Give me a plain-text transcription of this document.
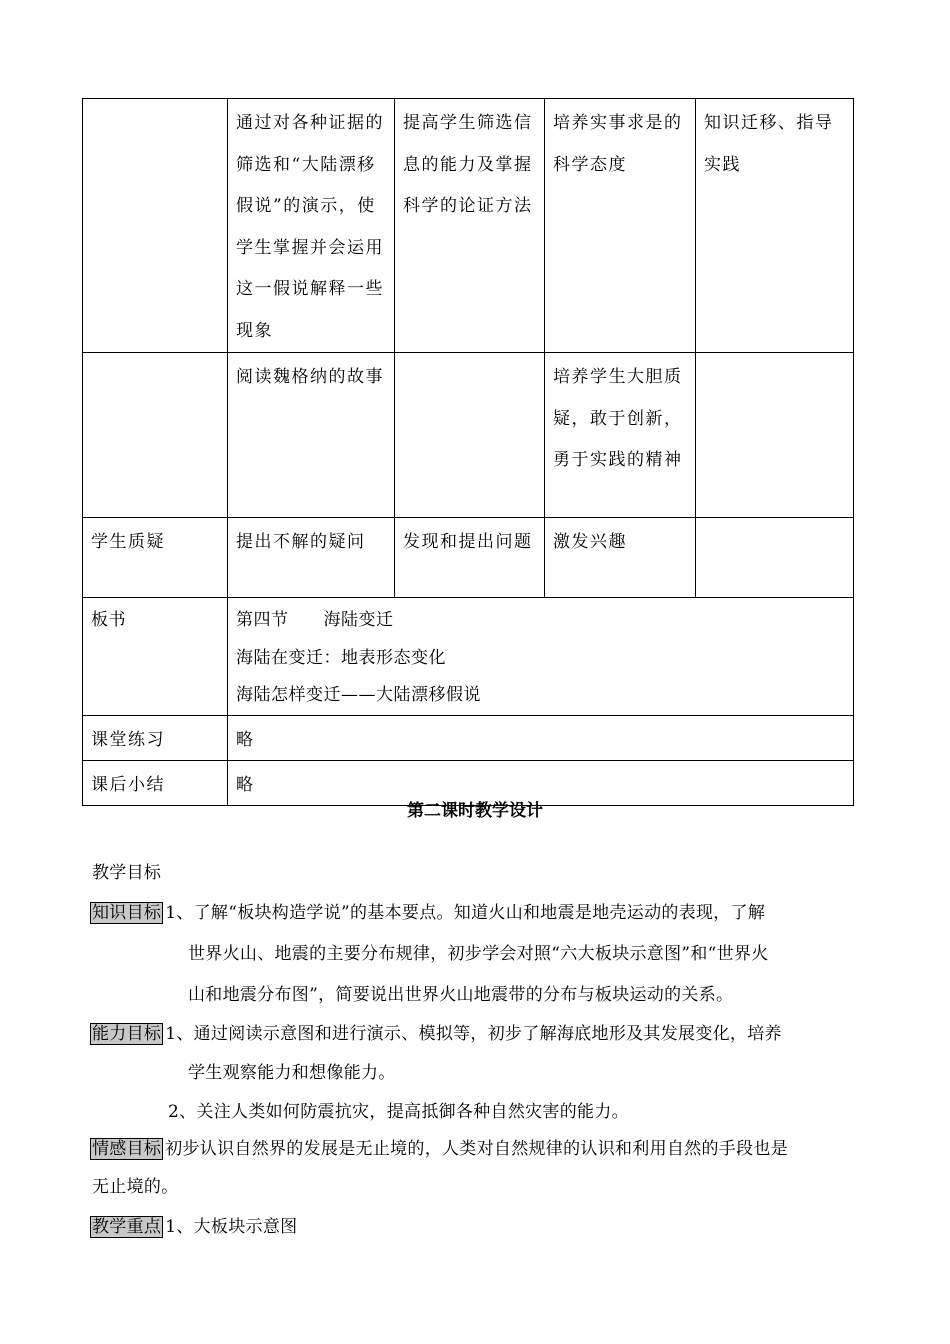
	通过对各种证据的筛选和“大陆漂移假说”的演示，使学生掌握并会运用这一假说解释一些现象	提高学生筛选信息的能力及掌握科学的论证方法	培养实事求是的科学态度	知识迁移、指导实践
	阅读魏格纳的故事		培养学生大胆质疑，敢于创新，勇于实践的精神	
学生质疑	提出不解的疑问	发现和提出问题	激发兴趣	
板书	第四节　　海陆变迁
海陆在变迁：地表形态变化
海陆怎样变迁——大陆漂移假说			

课堂练习	略			
课后小结	略			
第二课时教学设计
教学目标
知识目标 1、了解“板块构造学说”的基本要点。知道火山和地震是地壳运动的表现，了解
世界火山、地震的主要分布规律，初步学会对照“六大板块示意图”和“世界火
山和地震分布图”，简要说出世界火山地震带的分布与板块运动的关系。
能力目标 1、通过阅读示意图和进行演示、模拟等，初步了解海底地形及其发展变化，培养
学生观察能力和想像能力。
2、关注人类如何防震抗灾，提高抵御各种自然灾害的能力。
情感目标 初步认识自然界的发展是无止境的，人类对自然规律的认识和利用自然的手段也是
无止境的。
教学重点 1、大板块示意图
